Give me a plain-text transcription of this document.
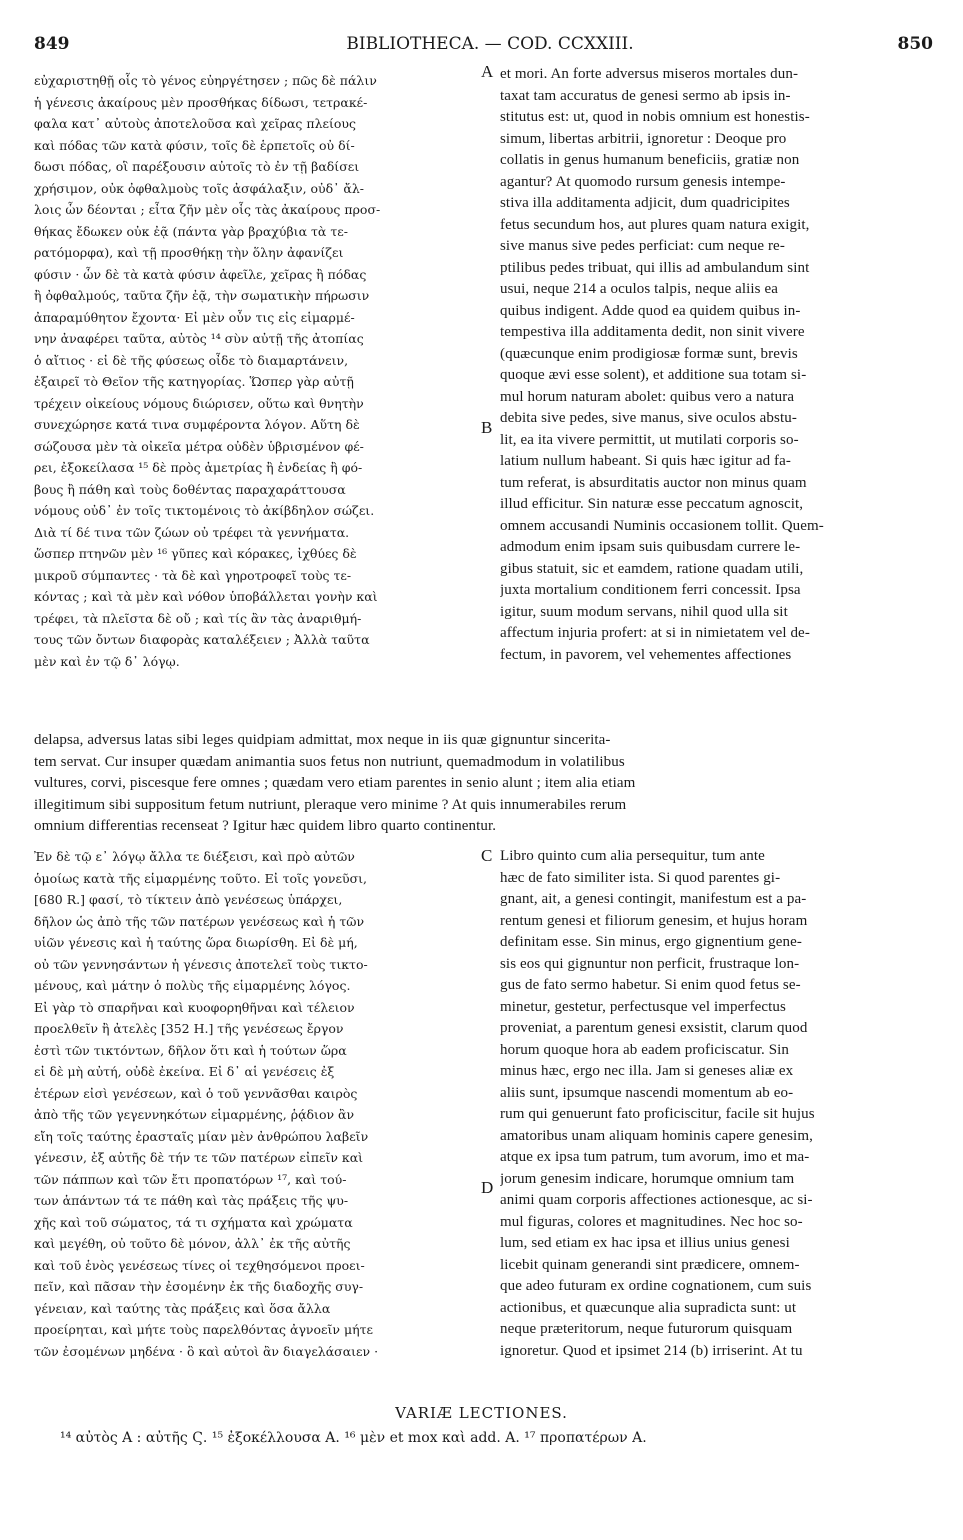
849	BIBLIOTHECA. — COD. CCXXIII.	850
εὐχαριστηθῇ οἷς τὸ γένος εὐηργέτησεν ; πῶς δὲ πάλιν
ἡ γένεσις ἀκαίρους μὲν προσθήκας δίδωσι, τετρακέ-
φαλα κατ᾽ αὐτοὺς ἀποτελοῦσα καὶ χεῖρας πλείους
καὶ πόδας τῶν κατὰ φύσιν, τοῖς δὲ ἑρπετοῖς οὐ δί-
δωσι πόδας, οἳ παρέξουσιν αὐτοῖς τὸ ἐν τῇ βαδίσει
χρήσιμον, οὐκ ὀφθαλμοὺς τοῖς ἀσφάλαξιν, οὐδ᾽ ἄλ-
λοις ὧν δέονται ; εἶτα ζῆν μὲν οἷς τὰς ἀκαίρους προσ-
θήκας ἔδωκεν οὐκ ἐᾷ (πάντα γὰρ βραχύβια τὰ τε-
ρατόμορφα), καὶ τῇ προσθήκῃ τὴν ὅλην ἀφανίζει
φύσιν · ὧν δὲ τὰ κατὰ φύσιν ἀφεῖλε, χεῖρας ἢ πόδας
ἢ ὀφθαλμούς, ταῦτα ζῆν ἐᾷ, τὴν σωματικὴν πήρωσιν
ἀπαραμύθητον ἔχοντα· Εἰ μὲν οὖν τις εἰς εἱμαρμέ-
νην ἀναφέρει ταῦτα, αὐτὸς ¹⁴ σὺν αὐτῇ τῆς ἀτοπίας
ὁ αἴτιος · εἰ δὲ τῆς φύσεως οἶδε τὸ διαμαρτάνειν,
ἐξαιρεῖ τὸ Θεῖον τῆς κατηγορίας. Ὥσπερ γὰρ αὐτῇ
τρέχειν οἰκείους νόμους διώρισεν, οὕτω καὶ θνητὴν
συνεχώρησε κατά τινα συμφέροντα λόγον. Αὕτη δὲ
σώζουσα μὲν τὰ οἰκεῖα μέτρα οὐδὲν ὑβρισμένον φέ-
ρει, ἐξοκείλασα ¹⁵ δὲ πρὸς ἀμετρίας ἢ ἐνδείας ἢ φό-
βους ἢ πάθη καὶ τοὺς δοθέντας παραχαράττουσα
νόμους οὐδ᾽ ἐν τοῖς τικτομένοις τὸ ἀκίβδηλον σώζει.
Διὰ τί δέ τινα τῶν ζώων οὐ τρέφει τὰ γεννήματα.
ὥσπερ πτηνῶν μὲν ¹⁶ γῦπες καὶ κόρακες, ἰχθύες δὲ
μικροῦ σύμπαντες · τὰ δὲ καὶ γηροτροφεῖ τοὺς τε-
κόντας ; καὶ τὰ μὲν καὶ νόθον ὑποβάλλεται γονὴν καὶ
τρέφει, τὰ πλεῖστα δὲ οὔ ; καὶ τίς ἂν τὰς ἀναριθμή-
τους τῶν ὄντων διαφορὰς καταλέξειεν ; Ἀλλὰ ταῦτα
μὲν καὶ ἐν τῷ δ᾽ λόγῳ.
et mori. An forte adversus miseros mortales dun-
taxat tam accuratus de genesi sermo ab ipsis in-
stitutus est: ut, quod in nobis omnium est honestis-
simum, libertas arbitrii, ignoretur : Deoque pro
collatis in genus humanum beneficiis, gratiæ non
agantur? At quomodo rursum genesis intempe-
stiva illa additamenta adjicit, dum quadricipites
fetus secundum hos, aut plures quam natura exigit,
sive manus sive pedes perficiat: cum neque re-
ptilibus pedes tribuat, qui illis ad ambulandum sint
usui, neque 214 a oculos talpis, neque aliis ea
quibus indigent. Adde quod ea quidem quibus in-
tempestiva illa additamenta dedit, non sinit vivere
(quæcunque enim prodigiosæ formæ sunt, brevis
quoque ævi esse solent), et additione sua totam si-
mul horum naturam abolet: quibus vero a natura
debita sive pedes, sive manus, sive oculos abstu-
lit, ea ita vivere permittit, ut mutilati corporis so-
latium nullum habeant. Si quis hæc igitur ad fa-
tum referat, is absurditatis auctor non minus quam
illud efficitur. Sin naturæ esse peccatum agnoscit,
omnem accusandi Numinis occasionem tollit. Quem-
admodum enim ipsam suis quibusdam currere le-
gibus statuit, sic et eamdem, ratione quadam utili,
juxta mortalium conditionem ferri concessit. Ipsa
igitur, suum modum servans, nihil quod ulla sit
affectum injuria profert: at si in nimietatem vel de-
fectum, in pavorem, vel vehementes affectiones
delapsa, adversus latas sibi leges quidpiam admittat, mox neque in iis quæ gignuntur sincerita-
tem servat. Cur insuper quædam animantia suos fetus non nutriunt, quemadmodum in volatilibus
vultures, corvi, piscesque fere omnes ; quædam vero etiam parentes in senio alunt ; item alia etiam
illegitimum sibi suppositum fetum nutriunt, pleraque vero minime ? At quis innumerabiles rerum
omnium differentias recenseat ? Igitur hæc quidem libro quarto continentur.
Ἐν δὲ τῷ ε᾽ λόγῳ ἄλλα τε διέξεισι, καὶ πρὸ αὐτῶν
ὁμοίως κατὰ τῆς εἱμαρμένης τοῦτο. Εἰ τοῖς γονεῦσι,
[680 R.] φασί, τὸ τίκτειν ἀπὸ γενέσεως ὑπάρχει,
δῆλον ὡς ἀπὸ τῆς τῶν πατέρων γενέσεως καὶ ἡ τῶν
υἱῶν γένεσις καὶ ἡ ταύτης ὥρα διωρίσθη. Εἰ δὲ μή,
οὐ τῶν γεννησάντων ἡ γένεσις ἀποτελεῖ τοὺς τικτο-
μένους, καὶ μάτην ὁ πολὺς τῆς εἱμαρμένης λόγος.
Εἰ γὰρ τὸ σπαρῆναι καὶ κυοφορηθῆναι καὶ τέλειον
προελθεῖν ἢ ἀτελὲς [352 H.] τῆς γενέσεως ἔργον
ἐστὶ τῶν τικτόντων, δῆλον ὅτι καὶ ἡ τούτων ὥρα
εἰ δὲ μὴ αὐτή, οὐδὲ ἐκείνα. Εἰ δ᾽ αἱ γενέσεις ἐξ
ἑτέρων εἰσὶ γενέσεων, καὶ ὁ τοῦ γεννᾶσθαι καιρὸς
ἀπὸ τῆς τῶν γεγεννηκότων εἱμαρμένης, ῥᾴδιον ἂν
εἴη τοῖς ταύτης ἐρασταῖς μίαν μὲν ἀνθρώπου λαβεῖν
γένεσιν, ἐξ αὐτῆς δὲ τήν τε τῶν πατέρων εἰπεῖν καὶ
τῶν πάππων καὶ τῶν ἔτι προπατόρων ¹⁷, καὶ τού-
των ἁπάντων τά τε πάθη καὶ τὰς πράξεις τῆς ψυ-
χῆς καὶ τοῦ σώματος, τά τι σχήματα καὶ χρώματα
καὶ μεγέθη, οὐ τοῦτο δὲ μόνον, ἀλλ᾽ ἐκ τῆς αὐτῆς
καὶ τοῦ ἑνὸς γενέσεως τίνες οἱ τεχθησόμενοι προει-
πεῖν, καὶ πᾶσαν τὴν ἐσομένην ἐκ τῆς διαδοχῆς συγ-
γένειαν, καὶ ταύτης τὰς πράξεις καὶ ὅσα ἄλλα
προείρηται, καὶ μήτε τοὺς παρελθόντας ἀγνοεῖν μήτε
τῶν ἐσομένων μηδένα · ὃ καὶ αὐτοὶ ἂν διαγελάσαιεν ·
Libro quinto cum alia persequitur, tum ante
hæc de fato similiter ista. Si quod parentes gi-
gnant, ait, a genesi contingit, manifestum est a pa-
rentum genesi et filiorum genesim, et hujus horam
definitam esse. Sin minus, ergo gignentium gene-
sis eos qui gignuntur non perficit, frustraque lon-
gus de fato sermo habetur. Si enim quod fetus se-
minetur, gestetur, perfectusque vel imperfectus
proveniat, a parentum genesi exsistit, clarum quod
horum quoque hora ab eadem proficiscatur. Sin
minus hæc, ergo nec illa. Jam si geneses aliæ ex
aliis sunt, ipsumque nascendi momentum ab eo-
rum qui genuerunt fato proficiscitur, facile sit hujus
amatoribus unam aliquam hominis capere genesim,
atque ex ipsa tum patrum, tum avorum, imo et ma-
jorum genesim indicare, horumque omnium tam
animi quam corporis affectiones actionesque, ac si-
mul figuras, colores et magnitudines. Nec hoc so-
lum, sed etiam ex hac ipsa et illius unius genesi
licebit quinam generandi sint prædicere, omnem-
que adeo futuram ex ordine cognationem, cum suis
actionibus, et quæcunque alia supradicta sunt: ut
neque præteritorum, neque futurorum quisquam
ignoretur. Quod et ipsimet 214 (b) irriserint. At tu
A
B
C
D
VARIÆ LECTIONES.
¹⁴ αὐτὸς A : αὐτῆς Ϛ. ¹⁵ ἐξοκέλλουσα A. ¹⁶ μὲν et mox καὶ add. A. ¹⁷ προπατέρων A.
